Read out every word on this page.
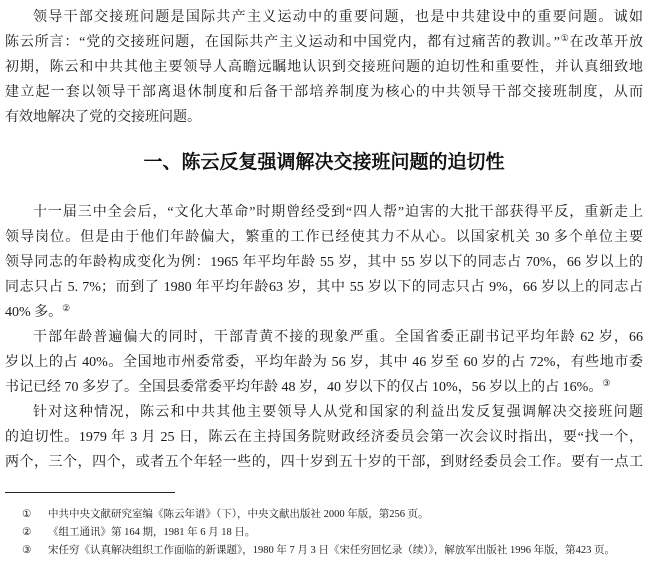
领导干部交接班问题是国际共产主义运动中的重要问题，也是中共建设中的重要问题。诚如
陈云所言：“党的交接班问题，在国际共产主义运动和中国党内，都有过痛苦的教训。”①在改革开放
初期，陈云和中共其他主要领导人高瞻远瞩地认识到交接班问题的迫切性和重要性，并认真细致地
建立起一套以领导干部离退休制度和后备干部培养制度为核心的中共领导干部交接班制度，从而
有效地解决了党的交接班问题。

一、陈云反复强调解决交接班问题的迫切性

十一届三中全会后，“文化大革命”时期曾经受到“四人帮”迫害的大批干部获得平反，重新走上
领导岗位。但是由于他们年龄偏大，繁重的工作已经使其力不从心。以国家机关 30 多个单位主要
领导同志的年龄构成变化为例：1965 年平均年龄 55 岁，其中 55 岁以下的同志占 70%，66 岁以上的
同志只占 5. 7%；而到了 1980 年平均年龄63 岁，其中 55 岁以下的同志只占 9%，66 岁以上的同志占
40% 多。②

干部年龄普遍偏大的同时，干部青黄不接的现象严重。全国省委正副书记平均年龄 62 岁，66
岁以上的占 40%。全国地市州委常委，平均年龄为 56 岁，其中 46 岁至 60 岁的占 72%，有些地市委
书记已经 70 多岁了。全国县委常委平均年龄 48 岁，40 岁以下的仅占 10%，56 岁以上的占 16%。③

针对这种情况，陈云和中共其他主要领导人从党和国家的利益出发反复强调解决交接班问题
的迫切性。1979 年 3 月 25 日，陈云在主持国务院财政经济委员会第一次会议时指出，要“找一个，
两个，三个，四个，或者五个年轻一些的，四十岁到五十岁的干部，到财经委员会工作。要有一点工

①	中共中央文献研究室编《陈云年谱》（下），中央文献出版社 2000 年版，第256 页。
②	《组工通讯》第 164 期，1981 年 6 月 18 日。
③	宋任穷《认真解决组织工作面临的新课题》，1980 年 7 月 3 日《宋任穷回忆录（续）》，解放军出版社 1996 年版，第423 页。
